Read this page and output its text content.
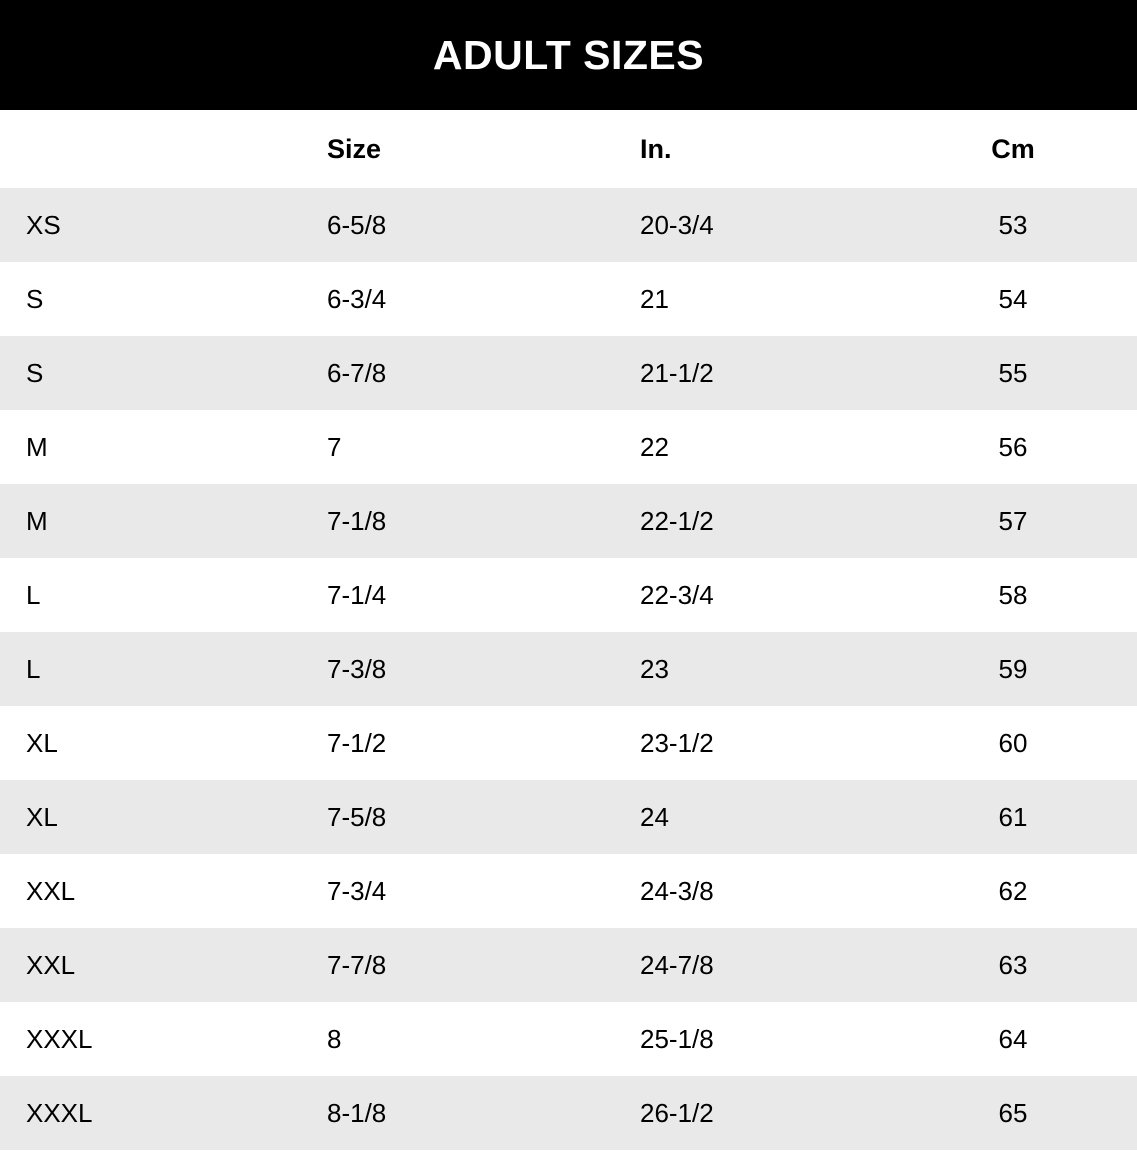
ADULT SIZES
	Size	In.	Cm
XS	6-5/8	20-3/4	53
S	6-3/4	21	54
S	6-7/8	21-1/2	55
M	7	22	56
M	7-1/8	22-1/2	57
L	7-1/4	22-3/4	58
L	7-3/8	23	59
XL	7-1/2	23-1/2	60
XL	7-5/8	24	61
XXL	7-3/4	24-3/8	62
XXL	7-7/8	24-7/8	63
XXXL	8	25-1/8	64
XXXL	8-1/8	26-1/2	65
